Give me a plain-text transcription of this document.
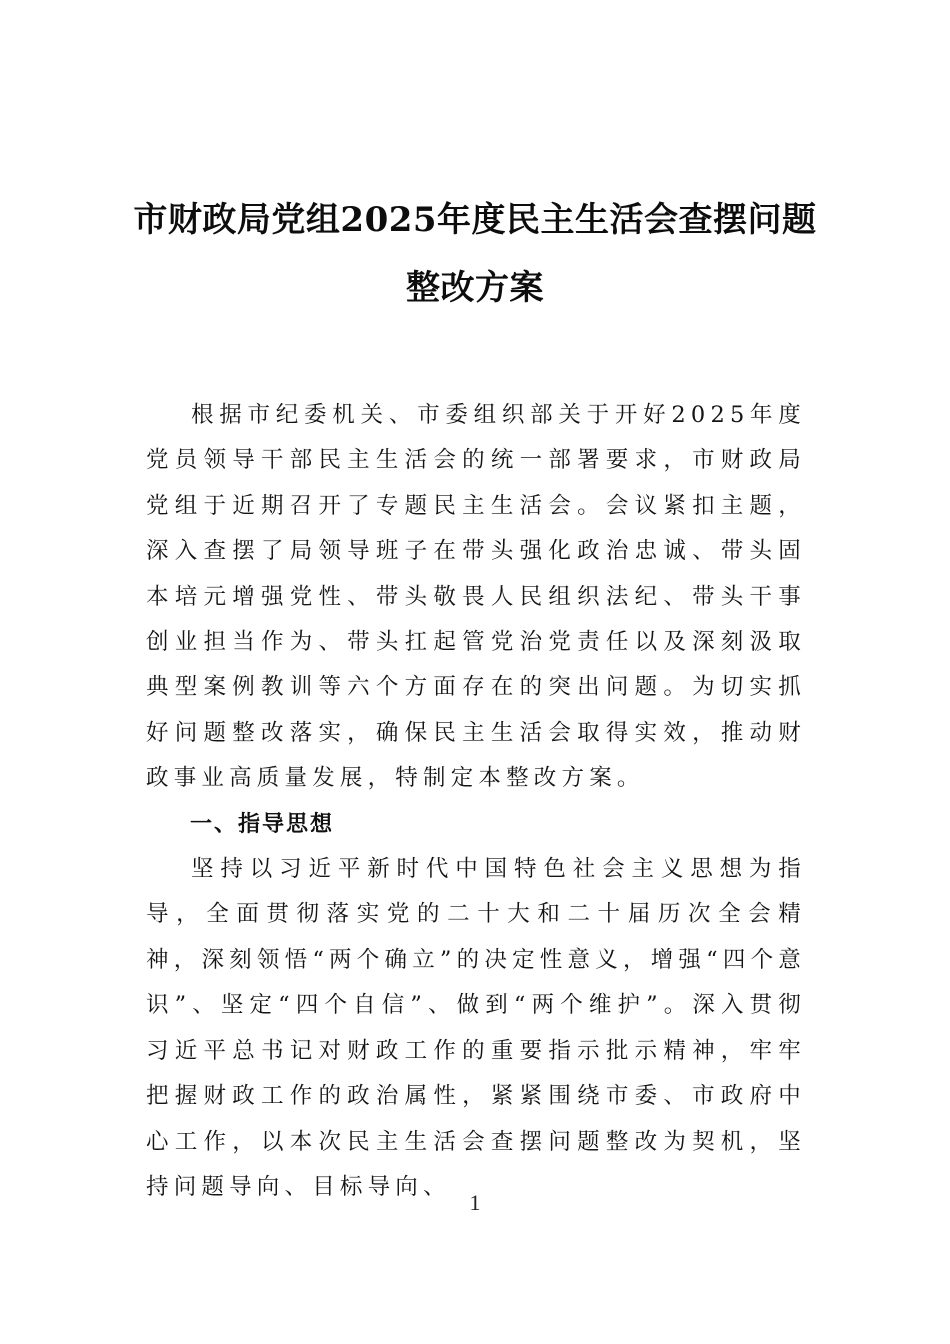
市财政局党组2025年度民主生活会查摆问题整改方案

根据市纪委机关、市委组织部关于开好2025年度党员领导干部民主生活会的统一部署要求，市财政局党组于近期召开了专题民主生活会。会议紧扣主题，深入查摆了局领导班子在带头强化政治忠诚、带头固本培元增强党性、带头敬畏人民组织法纪、带头干事创业担当作为、带头扛起管党治党责任以及深刻汲取典型案例教训等六个方面存在的突出问题。为切实抓好问题整改落实，确保民主生活会取得实效，推动财政事业高质量发展，特制定本整改方案。

一、指导思想

坚持以习近平新时代中国特色社会主义思想为指导，全面贯彻落实党的二十大和二十届历次全会精神，深刻领悟“两个确立”的决定性意义，增强“四个意识”、坚定“四个自信”、做到“两个维护”。深入贯彻习近平总书记对财政工作的重要指示批示精神，牢牢把握财政工作的政治属性，紧紧围绕市委、市政府中心工作，以本次民主生活会查摆问题整改为契机，坚持问题导向、目标导向、

1
